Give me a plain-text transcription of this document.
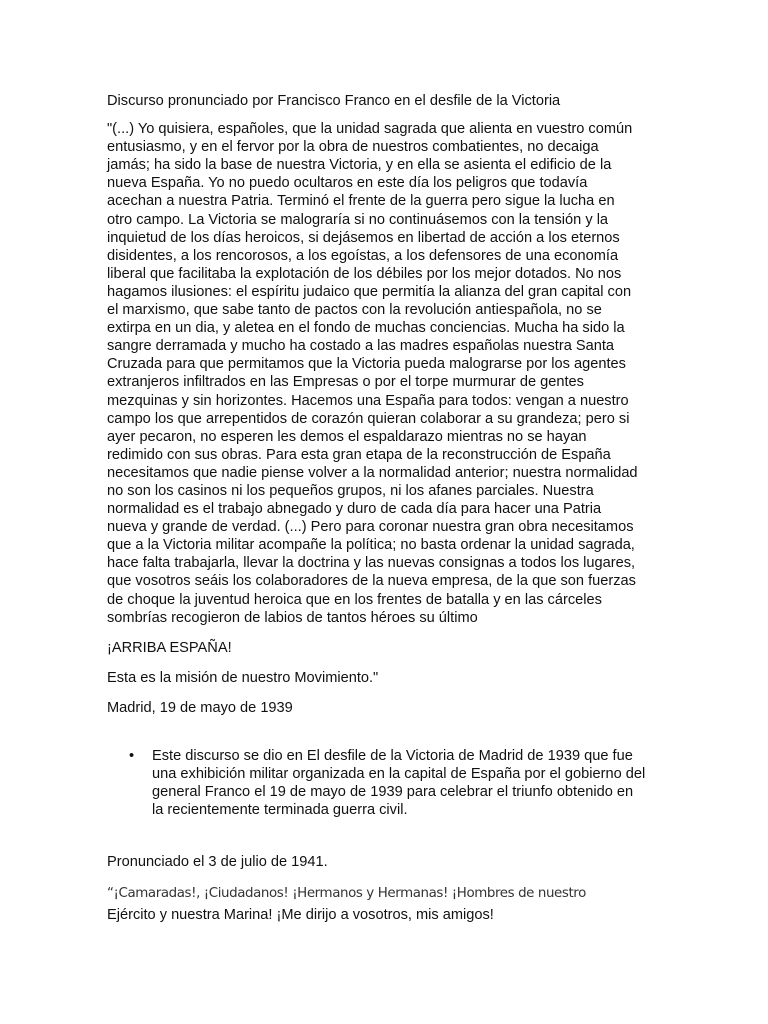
Discurso pronunciado por Francisco Franco en el desfile de la Victoria
"(...) Yo quisiera, españoles, que la unidad sagrada que alienta en vuestro común
entusiasmo, y en el fervor por la obra de nuestros combatientes, no decaiga
jamás; ha sido la base de nuestra Victoria, y en ella se asienta el edificio de la
nueva España. Yo no puedo ocultaros en este día los peligros que todavía
acechan a nuestra Patria. Terminó el frente de la guerra pero sigue la lucha en
otro campo. La Victoria se malograría si no continuásemos con la tensión y la
inquietud de los días heroicos, si dejásemos en libertad de acción a los eternos
disidentes, a los rencorosos, a los egoístas, a los defensores de una economía
liberal que facilitaba la explotación de los débiles por los mejor dotados. No nos
hagamos ilusiones: el espíritu judaico que permitía la alianza del gran capital con
el marxismo, que sabe tanto de pactos con la revolución antiespañola, no se
extirpa en un dia, y aletea en el fondo de muchas conciencias. Mucha ha sido la
sangre derramada y mucho ha costado a las madres españolas nuestra Santa
Cruzada para que permitamos que la Victoria pueda malograrse por los agentes
extranjeros infiltrados en las Empresas o por el torpe murmurar de gentes
mezquinas y sin horizontes. Hacemos una España para todos: vengan a nuestro
campo los que arrepentidos de corazón quieran colaborar a su grandeza; pero si
ayer pecaron, no esperen les demos el espaldarazo mientras no se hayan
redimido con sus obras. Para esta gran etapa de la reconstrucción de España
necesitamos que nadie piense volver a la normalidad anterior; nuestra normalidad
no son los casinos ni los pequeños grupos, ni los afanes parciales. Nuestra
normalidad es el trabajo abnegado y duro de cada día para hacer una Patria
nueva y grande de verdad. (...) Pero para coronar nuestra gran obra necesitamos
que a la Victoria militar acompañe la política; no basta ordenar la unidad sagrada,
hace falta trabajarla, llevar la doctrina y las nuevas consignas a todos los lugares,
que vosotros seáis los colaboradores de la nueva empresa, de la que son fuerzas
de choque la juventud heroica que en los frentes de batalla y en las cárceles
sombrías recogieron de labios de tantos héroes su último
¡ARRIBA ESPAÑA!
Esta es la misión de nuestro Movimiento."
Madrid, 19 de mayo de 1939
• Este discurso se dio en El desfile de la Victoria de Madrid de 1939 que fue
una exhibición militar organizada en la capital de España por el gobierno del
general Franco el 19 de mayo de 1939 para celebrar el triunfo obtenido en
la recientemente terminada guerra civil.
Pronunciado el 3 de julio de 1941.
“¡Camaradas!, ¡Ciudadanos! ¡Hermanos y Hermanas! ¡Hombres de nuestro
Ejército y nuestra Marina! ¡Me dirijo a vosotros, mis amigos!
